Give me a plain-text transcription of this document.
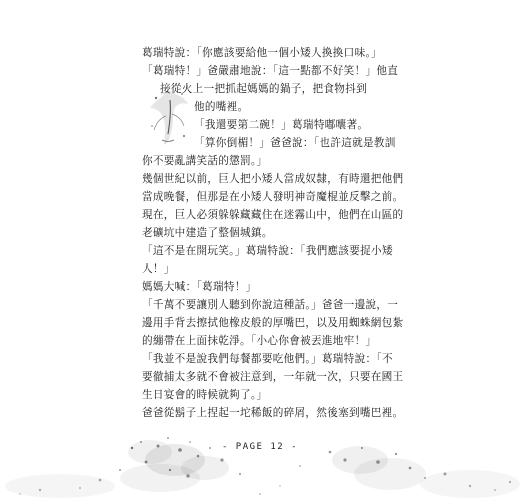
葛瑞特說：「你應該要給他一個小矮人換換口味。」
「葛瑞特！」爸嚴肅地說：「這一點都不好笑！」他直
接從火上一把抓起媽媽的鍋子，把食物抖到
他的嘴裡。
「我還要第二碗！」葛瑞特嘟囔著。
「算你倒楣！」爸爸說：「也許這就是教訓
你不要亂講笑話的懲罰。」
幾個世紀以前，巨人把小矮人當成奴隸，有時還把他們
當成晚餐，但那是在小矮人發明神奇魔棍並反擊之前。
現在，巨人必須躲躲藏藏住在迷霧山中，他們在山區的
老礦坑中建造了整個城鎮。
「這不是在開玩笑。」葛瑞特說：「我們應該要捉小矮
人！」
媽媽大喊：「葛瑞特！」
「千萬不要讓別人聽到你說這種話。」爸爸一邊說，一
邊用手背去擦拭他橡皮般的厚嘴巴，以及用蜘蛛網包紮
的繃帶在上面抹乾淨。「小心你會被丟進地牢！」
「我並不是說我們每餐都要吃他們。」葛瑞特說：「不
要徹捕太多就不會被注意到，一年就一次，只要在國王
生日宴會的時候就夠了。」
爸爸從鬍子上捏起一坨稀飯的碎屑，然後塞到嘴巴裡。
- PAGE 12 -
